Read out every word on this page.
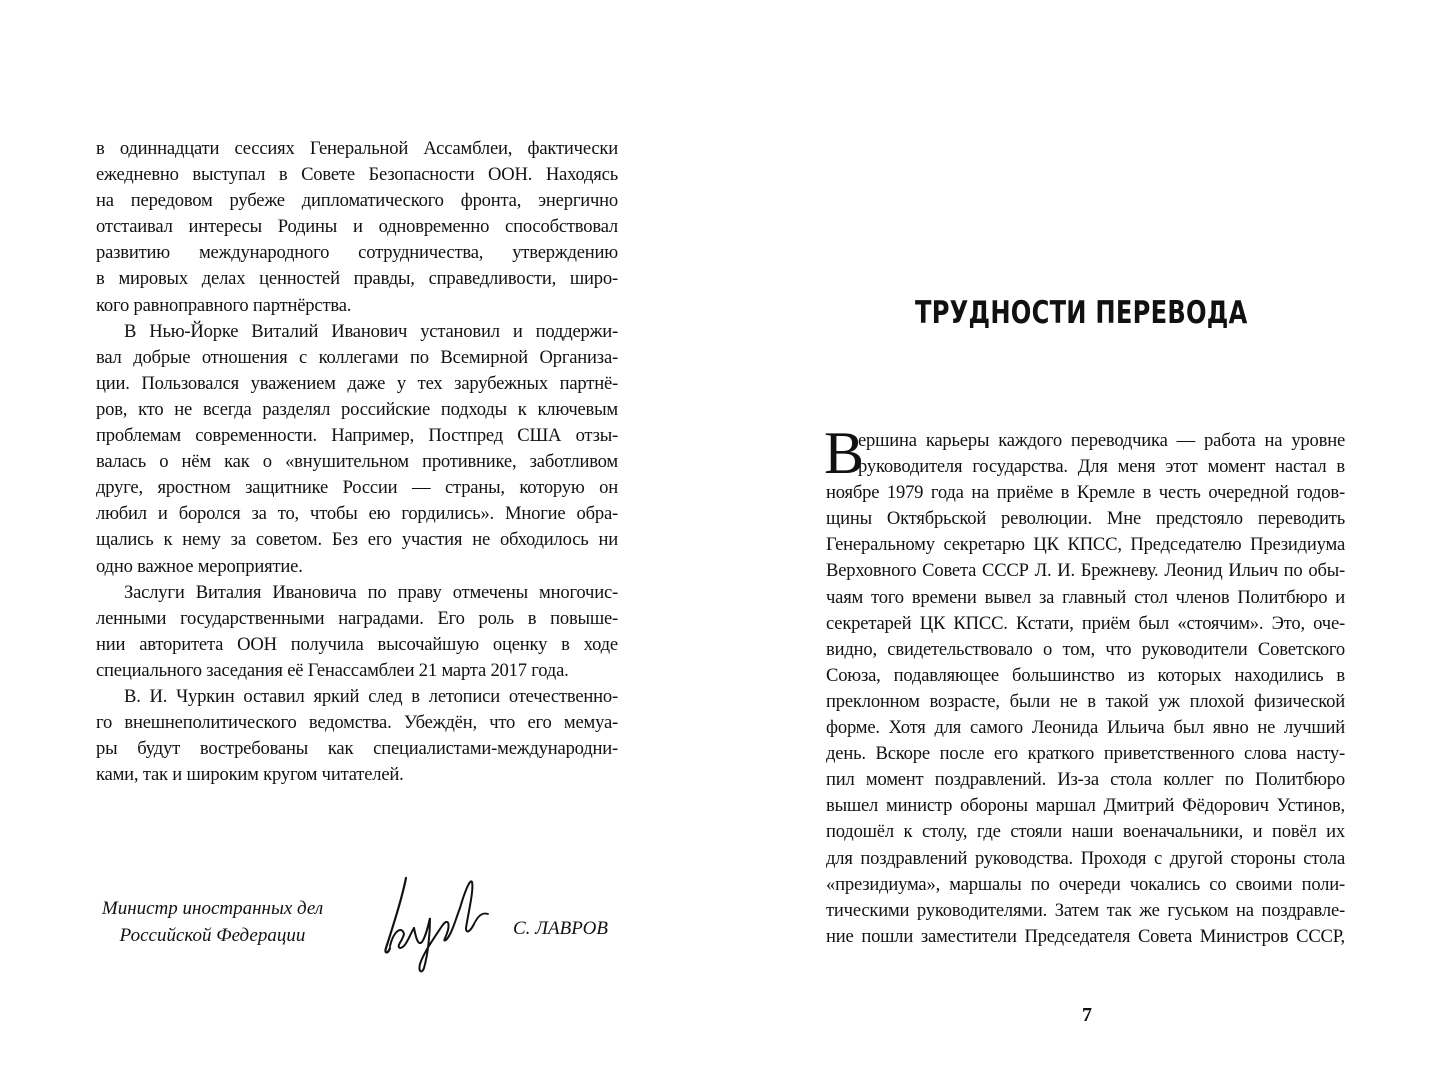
в одиннадцати сессиях Генеральной Ассамблеи, фактически
ежедневно выступал в Совете Безопасности ООН. Находясь
на передовом рубеже дипломатического фронта, энергично
отстаивал интересы Родины и одновременно способствовал
развитию международного сотрудничества, утверждению
в мировых делах ценностей правды, справедливости, широ-
кого равноправного партнёрства.
В Нью-Йорке Виталий Иванович установил и поддержи-
вал добрые отношения с коллегами по Всемирной Организа-
ции. Пользовался уважением даже у тех зарубежных партнё-
ров, кто не всегда разделял российские подходы к ключевым
проблемам современности. Например, Постпред США отзы-
валась о нём как о «внушительном противнике, заботливом
друге, яростном защитнике России — страны, которую он
любил и боролся за то, чтобы ею гордились». Многие обра-
щались к нему за советом. Без его участия не обходилось ни
одно важное мероприятие.
Заслуги Виталия Ивановича по праву отмечены многочис-
ленными государственными наградами. Его роль в повыше-
нии авторитета ООН получила высочайшую оценку в ходе
специального заседания её Генассамблеи 21 марта 2017 года.
В. И. Чуркин оставил яркий след в летописи отечественно-
го внешнеполитического ведомства. Убеждён, что его мемуа-
ры будут востребованы как специалистами-международни-
ками, так и широким кругом читателей.
Министр иностранных дел
Российской Федерации	С. ЛАВРОВ
ТРУДНОСТИ ПЕРЕВОДА
В
ершина карьеры каждого переводчика — работа на уровне
руководителя государства. Для меня этот момент настал в
ноябре 1979 года на приёме в Кремле в честь очередной годов-
щины Октябрьской революции. Мне предстояло переводить
Генеральному секретарю ЦК КПСС, Председателю Президиума
Верховного Совета СССР Л. И. Брежневу. Леонид Ильич по обы-
чаям того времени вывел за главный стол членов Политбюро и
секретарей ЦК КПСС. Кстати, приём был «стоячим». Это, оче-
видно, свидетельствовало о том, что руководители Советского
Союза, подавляющее большинство из которых находились в
преклонном возрасте, были не в такой уж плохой физической
форме. Хотя для самого Леонида Ильича был явно не лучший
день. Вскоре после его краткого приветственного слова насту-
пил момент поздравлений. Из-за стола коллег по Политбюро
вышел министр обороны маршал Дмитрий Фёдорович Устинов,
подошёл к столу, где стояли наши военачальники, и повёл их
для поздравлений руководства. Проходя с другой стороны стола
«президиума», маршалы по очереди чокались со своими поли-
тическими руководителями. Затем так же гуськом на поздравле-
ние пошли заместители Председателя Совета Министров СССР,
7
